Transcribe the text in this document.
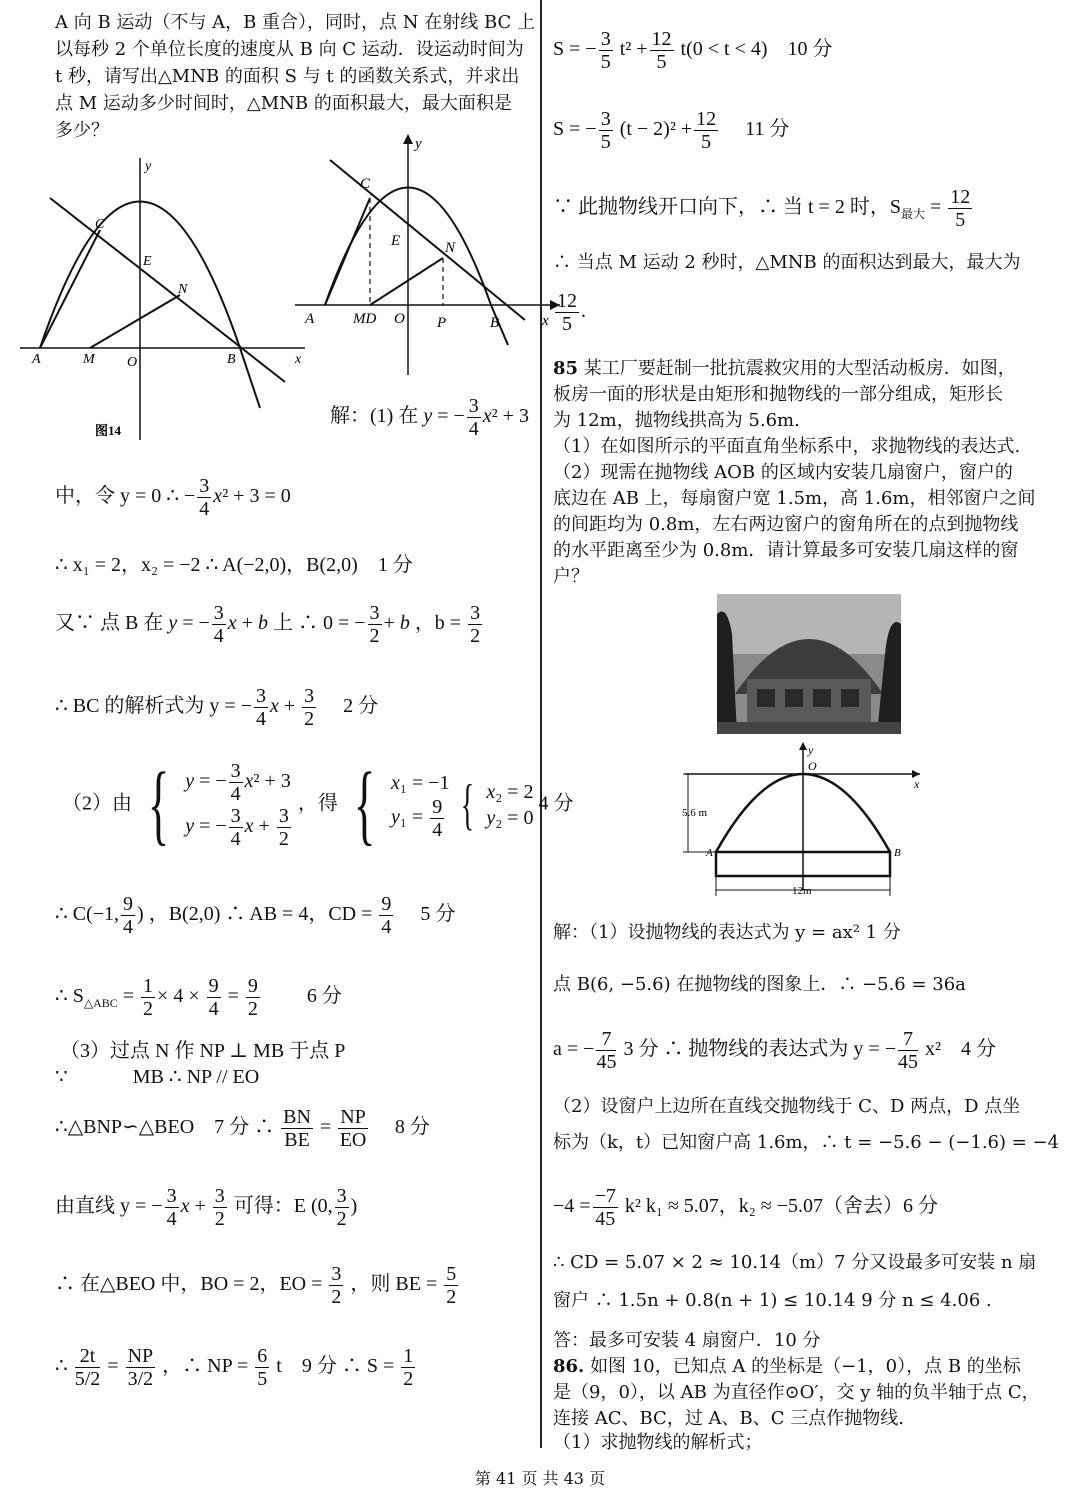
A 向 B 运动（不与 A，B 重合），同时，点 N 在射线 BC 上
以每秒 2 个单位长度的速度从 B 向 C 运动．设运动时间为
t 秒，请写出△MNB 的面积 S 与 t 的函数关系式，并求出
点 M 运动多少时间时，△MNB 的面积最大，最大面积是
多少？
y
x
C
E
N
A	M O	B
图14
y
x
C
E	N
A	MD O P	B
解：(1) 在 y = − $\frac{3}{4} x^2 + 3$
中，令 y = 0 ∴ − $\frac{3}{4} x^2 + 3 = 0$
∴ x₁ = 2，x₂ = −2 ∴ A(−2,0)，B(2,0)　1 分
又∵ 点 B 在 y = − $\frac{3}{4}$ x + b 上 ∴ 0 = − $\frac{3}{2} + b$ ，$b = \frac{3}{2}$
∴ BC 的解析式为 y = − $\frac{3}{4}$ $x + \frac{3}{2}$
　 2 分
（2）由 { y = − $\frac{3}{4} x^2 + 3$
y = − $\frac{3}{4}$ $x + \frac{3}{2}$
，得 { x₁ = −1
$y_1 = \frac{9}{4}$ { x₂ = 2
y₂ = 0
4 分
∴ C(−1, $\frac{9}{4}$ ) ，B(2,0) ∴ AB = 4，CD = $\frac{9}{4}$
　 5 分
∴ $S_{\triangle ABC} = \frac{1}{2} \times 4 \times \frac{9}{4} = \frac{9}{2}$
　　 6 分
（3）过点 N 作 NP ⊥ MB 于点 P
∵　　　 MB ∴ NP // EO
∴△BNP∽△BEO　7 分 ∴ $\frac{BN}{BE} = \frac{NP}{EO}$
　 8 分
由直线 y = − $\frac{3}{4}$ $x + \frac{3}{2}$ 可得：E (0, $\frac{3}{2}$ )
∴ 在△BEO 中，BO = 2，EO = $\frac{3}{2}$ ，则 BE = $\frac{5}{2}$
∴ $\frac{2t}{5/2} = \frac{NP}{3/2}$ ，∴ NP = $\frac{6}{5}$ t　9 分 ∴ $S = \frac{1}{2}$
S = − $\frac{3}{5} t^2 + \frac{12}{5} t(0 < t < 4)$　10 分
S = − $\frac{3}{5} (t - 2)^2 + \frac{12}{5}$
　 11 分
∵ 此抛物线开口向下，∴ 当 t = 2 时，$S_{最大} = \frac{12}{5}$
∴ 当点 M 运动 2 秒时，△MNB 的面积达到最大，最大为
$\frac{12}{5}$ .
85 某工厂要赶制一批抗震救灾用的大型活动板房．如图，
板房一面的形状是由矩形和抛物线的一部分组成，矩形长
为 12m，抛物线拱高为 5.6m.
（1）在如图所示的平面直角坐标系中，求抛物线的表达式.
（2）现需在抛物线 AOB 的区域内安装几扇窗户，窗户的
底边在 AB 上，每扇窗户宽 1.5m，高 1.6m，相邻窗户之间
的间距均为 0.8m，左右两边窗户的窗角所在的点到抛物线
的水平距离至少为 0.8m．请计算最多可安装几扇这样的窗
户？
5.6 m
12m
y
O
x
A	B
解：（1）设抛物线的表达式为 y = ax² 1 分
点 B(6, −5.6) 在抛物线的图象上．∴ −5.6 = 36a
a = − $\frac{7}{45} 3$ 分 ∴ 抛物线的表达式为 y = − $\frac{7}{45} x^2$　4 分
（2）设窗户上边所在直线交抛物线于 C、D 两点，D 点坐
标为（k，t）已知窗户高 1.6m，∴ t = −5.6 − (−1.6) = −4
$-4 = \frac{-7}{45} k^2$ k₁ ≈ 5.07，k₂ ≈ −5.07（舍去）6 分
∴ CD = 5.07 × 2 ≈ 10.14（m）7 分又设最多可安装 n 扇
窗户 ∴ 1.5n + 0.8(n + 1) ≤ 10.14 9 分 n ≤ 4.06 .
答：最多可安装 4 扇窗户．10 分
86. 如图 10，已知点 A 的坐标是（−1，0），点 B 的坐标
是（9，0），以 AB 为直径作⊙O′，交 y 轴的负半轴于点 C，
连接 AC、BC，过 A、B、C 三点作抛物线.
（1）求抛物线的解析式；
第 41 页 共 43 页
